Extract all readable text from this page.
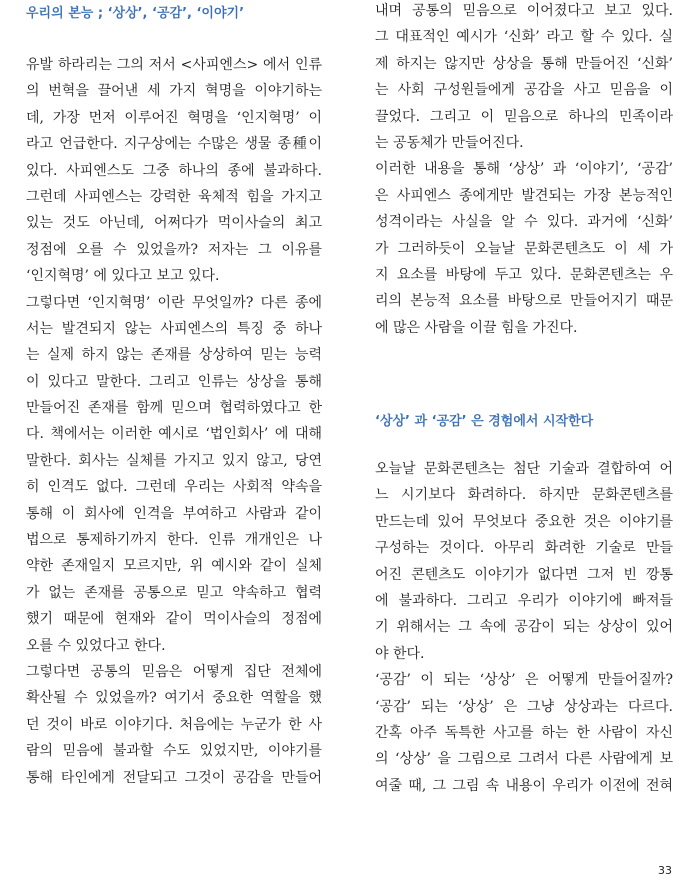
우리의 본능 ; ‘상상’, ‘공감’, ‘이야기’
유발 하라리는 그의 저서 <사피엔스> 에서 인류
의 번혁을 끌어낸 세 가지 혁명을 이야기하는
데, 가장 먼저 이루어진 혁명을 ‘인지혁명’ 이
라고 언급한다. 지구상에는 수많은 생물 종種이
있다. 사피엔스도 그중 하나의 종에 불과하다.
그런데 사피엔스는 강력한 육체적 힘을 가지고
있는 것도 아닌데, 어쩌다가 먹이사슬의 최고
정점에 오를 수 있었을까? 저자는 그 이유를
‘인지혁명’ 에 있다고 보고 있다.
그렇다면 ‘인지혁명’ 이란 무엇일까? 다른 종에
서는 발견되지 않는 사피엔스의 특징 중 하나
는 실제 하지 않는 존재를 상상하여 믿는 능력
이 있다고 말한다. 그리고 인류는 상상을 통해
만들어진 존재를 함께 믿으며 협력하였다고 한
다. 책에서는 이러한 예시로 ‘법인회사’ 에 대해
말한다. 회사는 실체를 가지고 있지 않고, 당연
히 인격도 없다. 그런데 우리는 사회적 약속을
통해 이 회사에 인격을 부여하고 사람과 같이
법으로 통제하기까지 한다. 인류 개개인은 나
약한 존재일지 모르지만, 위 예시와 같이 실체
가 없는 존재를 공통으로 믿고 약속하고 협력
했기 때문에 현재와 같이 먹이사슬의 정점에
오를 수 있었다고 한다.
그렇다면 공통의 믿음은 어떻게 집단 전체에
확산될 수 있었을까? 여기서 중요한 역할을 했
던 것이 바로 이야기다. 처음에는 누군가 한 사
람의 믿음에 불과할 수도 있었지만, 이야기를
통해 타인에게 전달되고 그것이 공감을 만들어
내며 공통의 믿음으로 이어졌다고 보고 있다.
그 대표적인 예시가 ‘신화’ 라고 할 수 있다. 실
제 하지는 않지만 상상을 통해 만들어진 ‘신화’
는 사회 구성원들에게 공감을 사고 믿음을 이
끌었다. 그리고 이 믿음으로 하나의 민족이라
는 공동체가 만들어진다.
이러한 내용을 통해 ‘상상’ 과 ‘이야기’, ‘공감’
은 사피엔스 종에게만 발견되는 가장 본능적인
성격이라는 사실을 알 수 있다. 과거에 ‘신화’
가 그러하듯이 오늘날 문화콘텐츠도 이 세 가
지 요소를 바탕에 두고 있다. 문화콘텐츠는 우
리의 본능적 요소를 바탕으로 만들어지기 때문
에 많은 사람을 이끌 힘을 가진다.
‘상상’ 과 ‘공감’ 은 경험에서 시작한다
오늘날 문화콘텐츠는 첨단 기술과 결합하여 어
느 시기보다 화려하다. 하지만 문화콘텐츠를
만드는데 있어 무엇보다 중요한 것은 이야기를
구성하는 것이다. 아무리 화려한 기술로 만들
어진 콘텐츠도 이야기가 없다면 그저 빈 깡통
에 불과하다. 그리고 우리가 이야기에 빠져들
기 위해서는 그 속에 공감이 되는 상상이 있어
야 한다.
‘공감’ 이 되는 ‘상상’ 은 어떻게 만들어질까?
‘공감’ 되는 ‘상상’ 은 그냥 상상과는 다르다.
간혹 아주 독특한 사고를 하는 한 사람이 자신
의 ‘상상’ 을 그림으로 그려서 다른 사람에게 보
여줄 때, 그 그림 속 내용이 우리가 이전에 전혀
33
